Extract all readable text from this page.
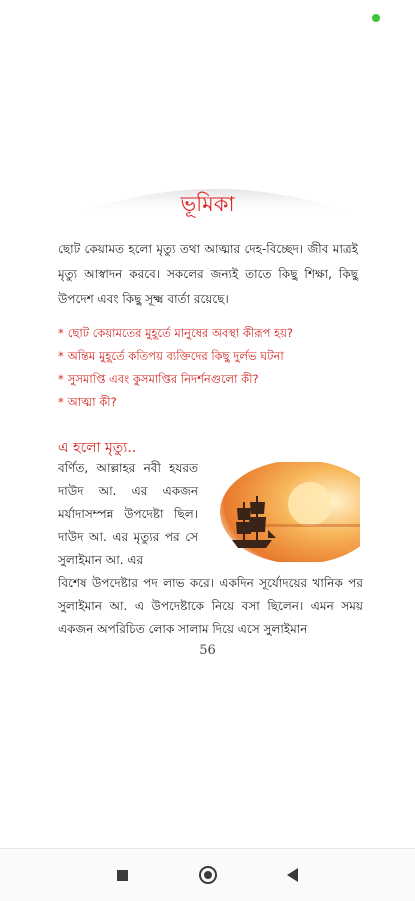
ভূমিকা

ছোট কেয়ামত হলো মৃত্যু তথা আত্মার দেহ-বিচ্ছেদ। জীব মাত্রই মৃত্যু আস্বাদন করবে। সকলের জন্যই তাতে কিছু শিক্ষা, কিছু উপদেশ এবং কিছু সূক্ষ্ম বার্তা রয়েছে।

* ছোট কেয়ামতের মুহূর্তে মানুষের অবস্থা কীরূপ হয়?
* অন্তিম মুহূর্তে কতিপয় ব্যক্তিদের কিছু দুর্লভ ঘটনা
* সুসমাপ্তি এবং কুসমাপ্তির নিদর্শনগুলো কী?
* আত্মা কী?
এ হলো মৃত্যু..

বর্ণিত, আল্লাহর নবী হযরত দাউদ আ. এর একজন মর্যাদাসম্পন্ন উপদেষ্টা ছিল। দাউদ আ. এর মৃত্যুর পর সে সুলাইমান আ. এর

বিশেষ উপদেষ্টার পদ লাভ করে। একদিন সূর্যোদয়ের খানিক পর সুলাইমান আ. এ উপদেষ্টাকে নিয়ে বসা ছিলেন। এমন সময় একজন অপরিচিত লোক সালাম দিয়ে এসে সুলাইমান

56
